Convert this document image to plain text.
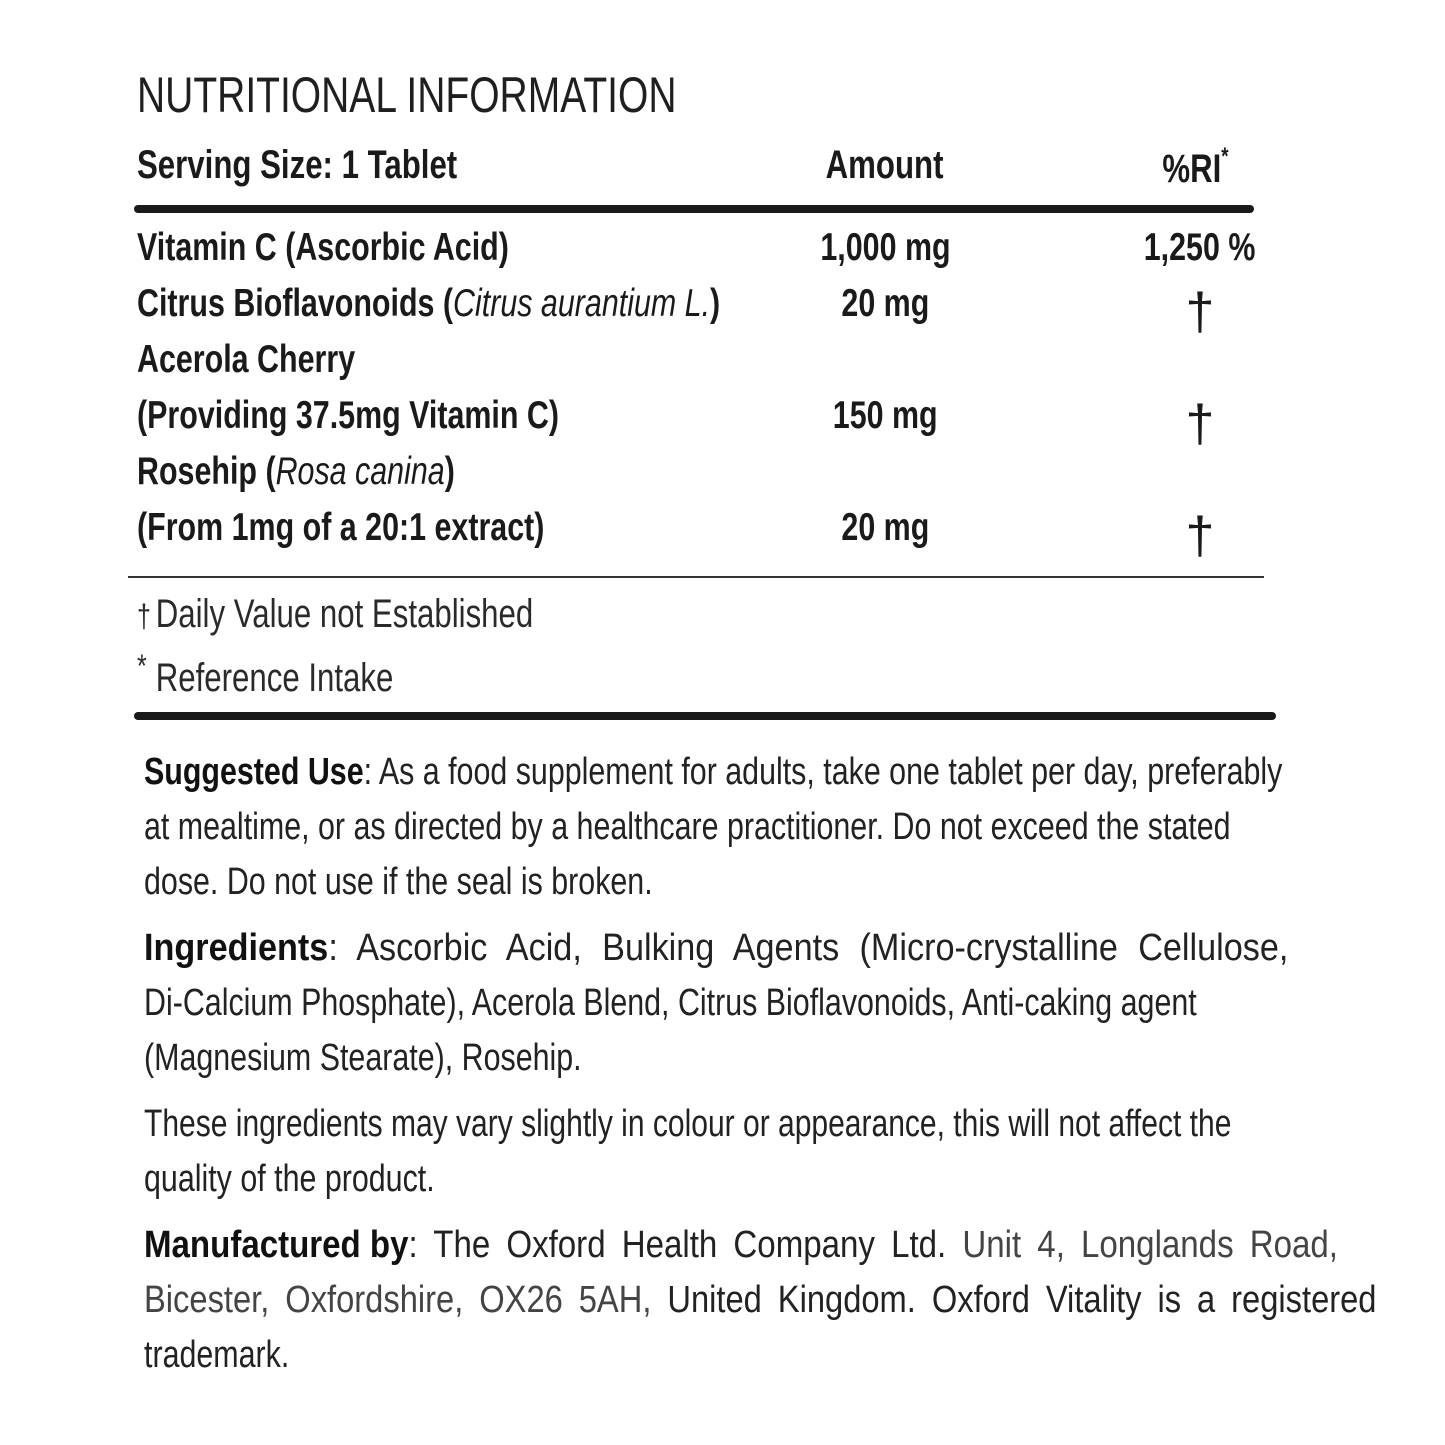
NUTRITIONAL INFORMATION
Serving Size: 1 Tablet	Amount	%RI*
Vitamin C (Ascorbic Acid)	1,000 mg	1,250 %
Citrus Bioflavonoids (Citrus aurantium L.)	20 mg	†
Acerola Cherry
(Providing 37.5mg Vitamin C)	150 mg	†
Rosehip (Rosa canina)
(From 1mg of a 20:1 extract)	20 mg	†
† Daily Value not Established
* Reference Intake
Suggested Use: As a food supplement for adults, take one tablet per day, preferably
at mealtime, or as directed by a healthcare practitioner. Do not exceed the stated
dose. Do not use if the seal is broken.
Ingredients: Ascorbic Acid, Bulking Agents (Micro-crystalline Cellulose,
Di-Calcium Phosphate), Acerola Blend, Citrus Bioflavonoids, Anti-caking agent
(Magnesium Stearate), Rosehip.
These ingredients may vary slightly in colour or appearance, this will not affect the
quality of the product.
Manufactured by: The Oxford Health Company Ltd. Unit 4, Longlands Road,
Bicester, Oxfordshire, OX26 5AH, United Kingdom. Oxford Vitality is a registered
trademark.
